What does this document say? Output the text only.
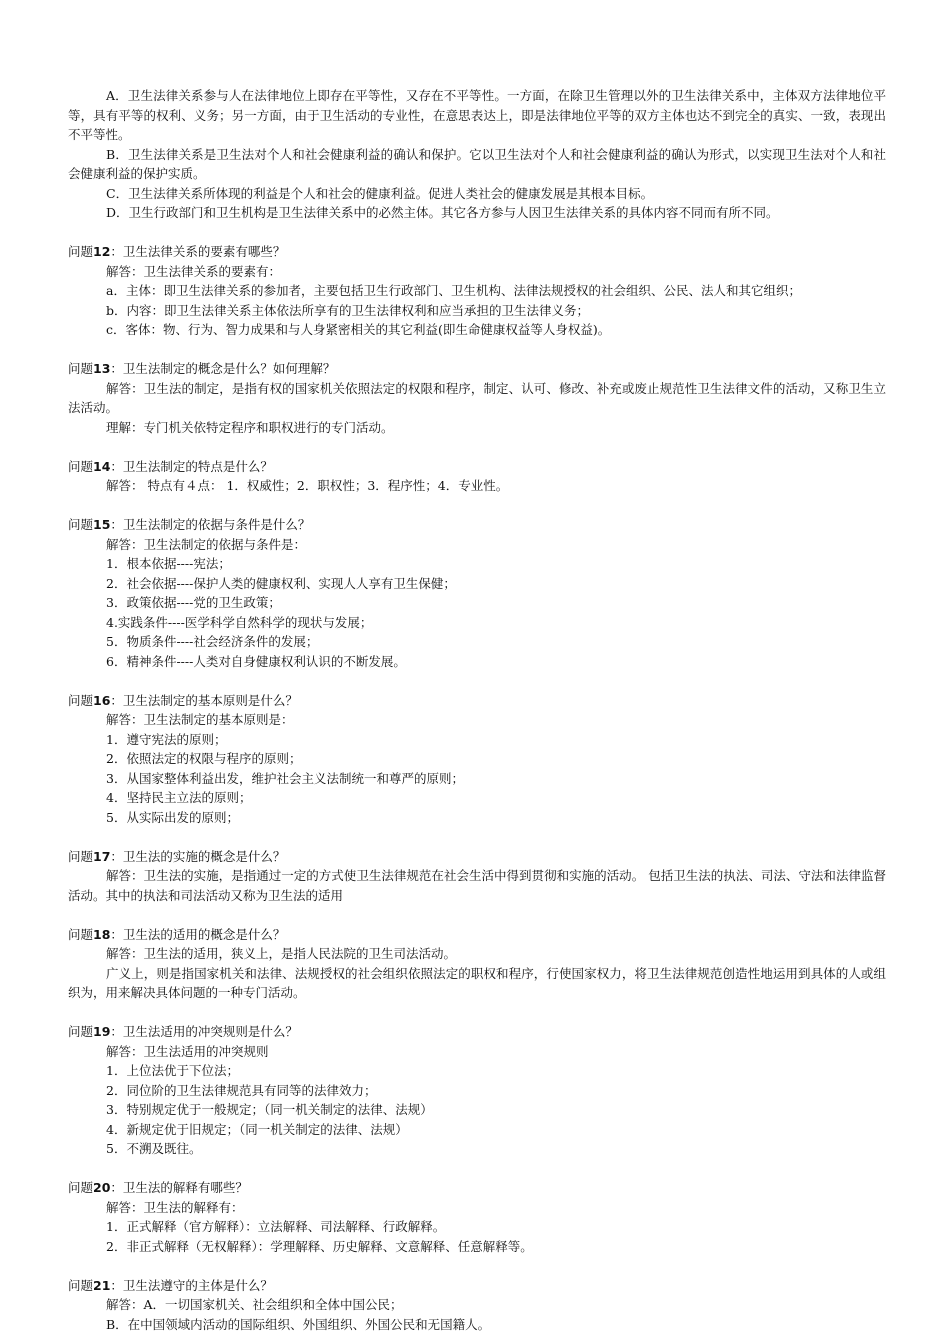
A．卫生法律关系参与人在法律地位上即存在平等性，又存在不平等性。一方面，在除卫生管理以外的卫生法律关系中，主体双方法律地位平等，具有平等的权利、义务；另一方面，由于卫生活动的专业性，在意思表达上，即是法律地位平等的双方主体也达不到完全的真实、一致，表现出不平等性。

B．卫生法律关系是卫生法对个人和社会健康利益的确认和保护。它以卫生法对个人和社会健康利益的确认为形式，以实现卫生法对个人和社会健康利益的保护实质。

C．卫生法律关系所体现的利益是个人和社会的健康利益。促进人类社会的健康发展是其根本目标。

D．卫生行政部门和卫生机构是卫生法律关系中的必然主体。其它各方参与人因卫生法律关系的具体内容不同而有所不同。

问题12：卫生法律关系的要素有哪些？

解答：卫生法律关系的要素有：

a．主体：即卫生法律关系的参加者，主要包括卫生行政部门、卫生机构、法律法规授权的社会组织、公民、法人和其它组织；

b．内容：即卫生法律关系主体依法所享有的卫生法律权利和应当承担的卫生法律义务；

c．客体：物、行为、智力成果和与人身紧密相关的其它利益(即生命健康权益等人身权益)。

问题13：卫生法制定的概念是什么？如何理解？

解答：卫生法的制定，是指有权的国家机关依照法定的权限和程序，制定、认可、修改、补充或废止规范性卫生法律文件的活动，又称卫生立法活动。

理解：专门机关依特定程序和职权进行的专门活动。

问题14：卫生法制定的特点是什么？

解答： 特点有４点： 1．权威性；2．职权性；3．程序性；4．专业性。

问题15：卫生法制定的依据与条件是什么？

解答：卫生法制定的依据与条件是：

1．根本依据----宪法；

2．社会依据----保护人类的健康权利、实现人人享有卫生保健；

3．政策依据----党的卫生政策；

4.实践条件----医学科学自然科学的现状与发展；

5．物质条件----社会经济条件的发展；

6．精神条件----人类对自身健康权利认识的不断发展。

问题16：卫生法制定的基本原则是什么？

解答：卫生法制定的基本原则是：

1．遵守宪法的原则；

2．依照法定的权限与程序的原则；

3．从国家整体利益出发，维护社会主义法制统一和尊严的原则；

4．坚持民主立法的原则；

5．从实际出发的原则；

问题17：卫生法的实施的概念是什么？

解答：卫生法的实施，是指通过一定的方式使卫生法律规范在社会生活中得到贯彻和实施的活动。 包括卫生法的执法、司法、守法和法律监督活动。其中的执法和司法活动又称为卫生法的适用

问题18：卫生法的适用的概念是什么？

解答：卫生法的适用，狭义上，是指人民法院的卫生司法活动。

广义上，则是指国家机关和法律、法规授权的社会组织依照法定的职权和程序，行使国家权力，将卫生法律规范创造性地运用到具体的人或组织为，用来解决具体问题的一种专门活动。

问题19：卫生法适用的冲突规则是什么？

解答：卫生法适用的冲突规则

1．上位法优于下位法；

2．同位阶的卫生法律规范具有同等的法律效力；

3．特别规定优于一般规定；（同一机关制定的法律、法规）

4．新规定优于旧规定；（同一机关制定的法律、法规）

5．不溯及既往。

问题20：卫生法的解释有哪些？

解答：卫生法的解释有：

1．正式解释（官方解释）：立法解释、司法解释、行政解释。

2．非正式解释（无权解释）：学理解释、历史解释、文意解释、任意解释等。

问题21：卫生法遵守的主体是什么？

解答：A．一切国家机关、社会组织和全体中国公民；

B．在中国领域内活动的国际组织、外国组织、外国公民和无国籍人。
